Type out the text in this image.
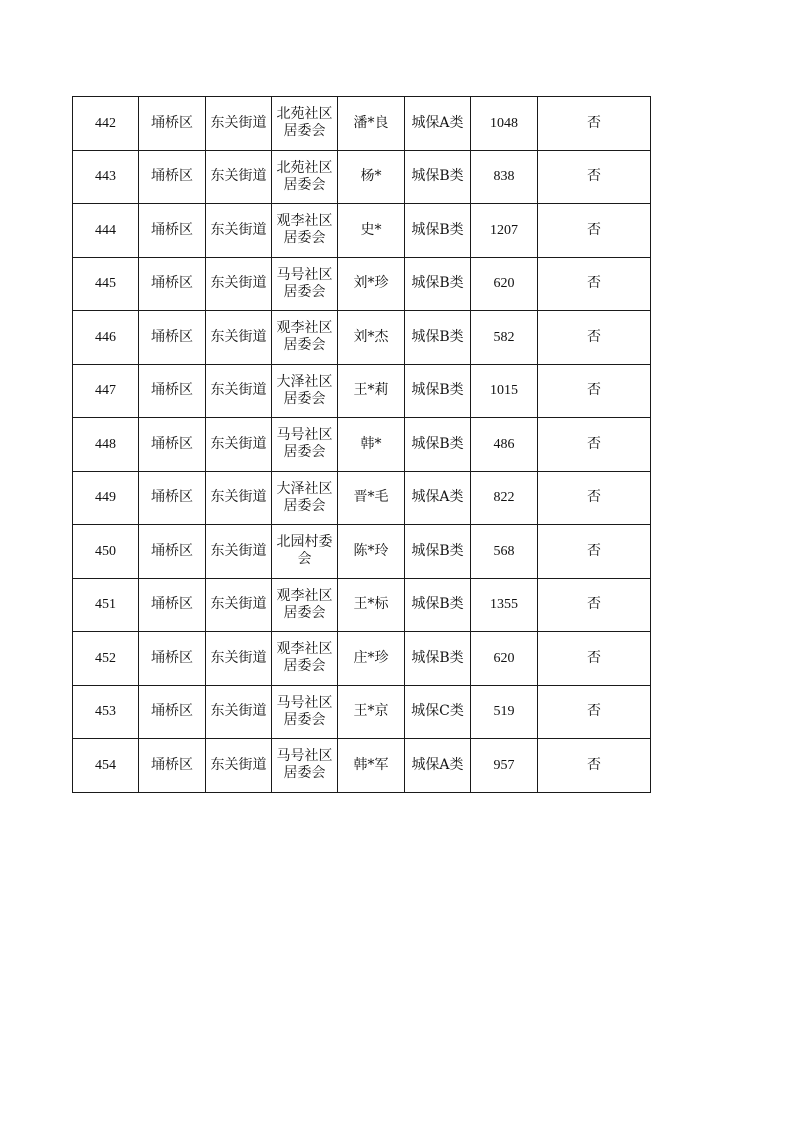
442	埇桥区	东关街道	北苑社区居委会	潘*良	城保A类	1048	否
443	埇桥区	东关街道	北苑社区居委会	杨*	城保B类	838	否
444	埇桥区	东关街道	观李社区居委会	史*	城保B类	1207	否
445	埇桥区	东关街道	马号社区居委会	刘*珍	城保B类	620	否
446	埇桥区	东关街道	观李社区居委会	刘*杰	城保B类	582	否
447	埇桥区	东关街道	大泽社区居委会	王*莉	城保B类	1015	否
448	埇桥区	东关街道	马号社区居委会	韩*	城保B类	486	否
449	埇桥区	东关街道	大泽社区居委会	晋*毛	城保A类	822	否
450	埇桥区	东关街道	北园村委会	陈*玲	城保B类	568	否
451	埇桥区	东关街道	观李社区居委会	王*标	城保B类	1355	否
452	埇桥区	东关街道	观李社区居委会	庄*珍	城保B类	620	否
453	埇桥区	东关街道	马号社区居委会	王*京	城保C类	519	否
454	埇桥区	东关街道	马号社区居委会	韩*军	城保A类	957	否
